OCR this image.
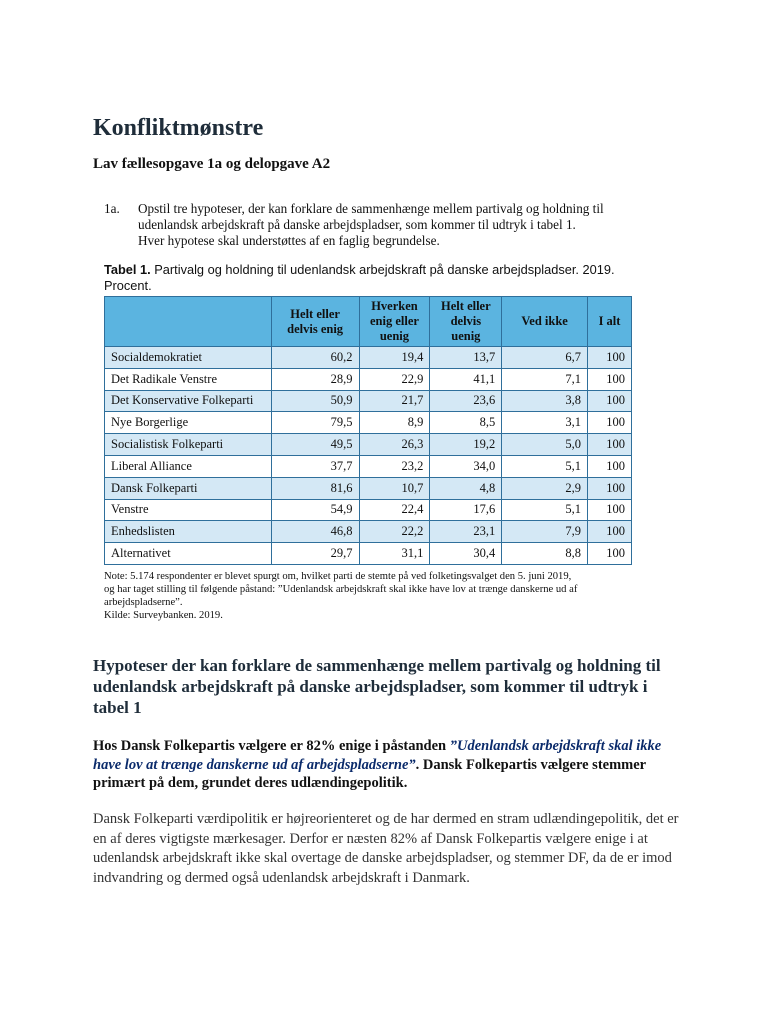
Konfliktmønstre

Lav fællesopgave 1a og delopgave A2

1a. Opstil tre hypoteser, der kan forklare de sammenhænge mellem partivalg og holdning til
udenlandsk arbejdskraft på danske arbejdspladser, som kommer til udtryk i tabel 1.
Hver hypotese skal understøttes af en faglig begrundelse.
Tabel 1. Partivalg og holdning til udenlandsk arbejdskraft på danske arbejdspladser. 2019. Procent.
	Helt eller delvis enig	Hverken enig eller uenig	Helt eller delvis uenig	Ved ikke	I alt
Socialdemokratiet	60,2	19,4	13,7	6,7	100
Det Radikale Venstre	28,9	22,9	41,1	7,1	100
Det Konservative Folkeparti	50,9	21,7	23,6	3,8	100
Nye Borgerlige	79,5	8,9	8,5	3,1	100
Socialistisk Folkeparti	49,5	26,3	19,2	5,0	100
Liberal Alliance	37,7	23,2	34,0	5,1	100
Dansk Folkeparti	81,6	10,7	4,8	2,9	100
Venstre	54,9	22,4	17,6	5,1	100
Enhedslisten	46,8	22,2	23,1	7,9	100
Alternativet	29,7	31,1	30,4	8,8	100
Note: 5.174 respondenter er blevet spurgt om, hvilket parti de stemte på ved folketingsvalget den 5. juni 2019,
og har taget stilling til følgende påstand: ”Udenlandsk arbejdskraft skal ikke have lov at trænge danskerne ud af
arbejdspladserne”.
Kilde: Surveybanken. 2019.
Hypoteser der kan forklare de sammenhænge mellem partivalg og holdning til udenlandsk arbejdskraft på danske arbejdspladser, som kommer til udtryk i tabel 1

Hos Dansk Folkepartis vælgere er 82% enige i påstanden ”Udenlandsk arbejdskraft skal ikke have lov at trænge danskerne ud af arbejdspladserne”. Dansk Folkepartis vælgere stemmer primært på dem, grundet deres udlændingepolitik.

Dansk Folkeparti værdipolitik er højreorienteret og de har dermed en stram udlændingepolitik, det er en af deres vigtigste mærkesager. Derfor er næsten 82% af Dansk Folkepartis vælgere enige i at udenlandsk arbejdskraft ikke skal overtage de danske arbejdspladser, og stemmer DF, da de er imod indvandring og dermed også udenlandsk arbejdskraft i Danmark.
